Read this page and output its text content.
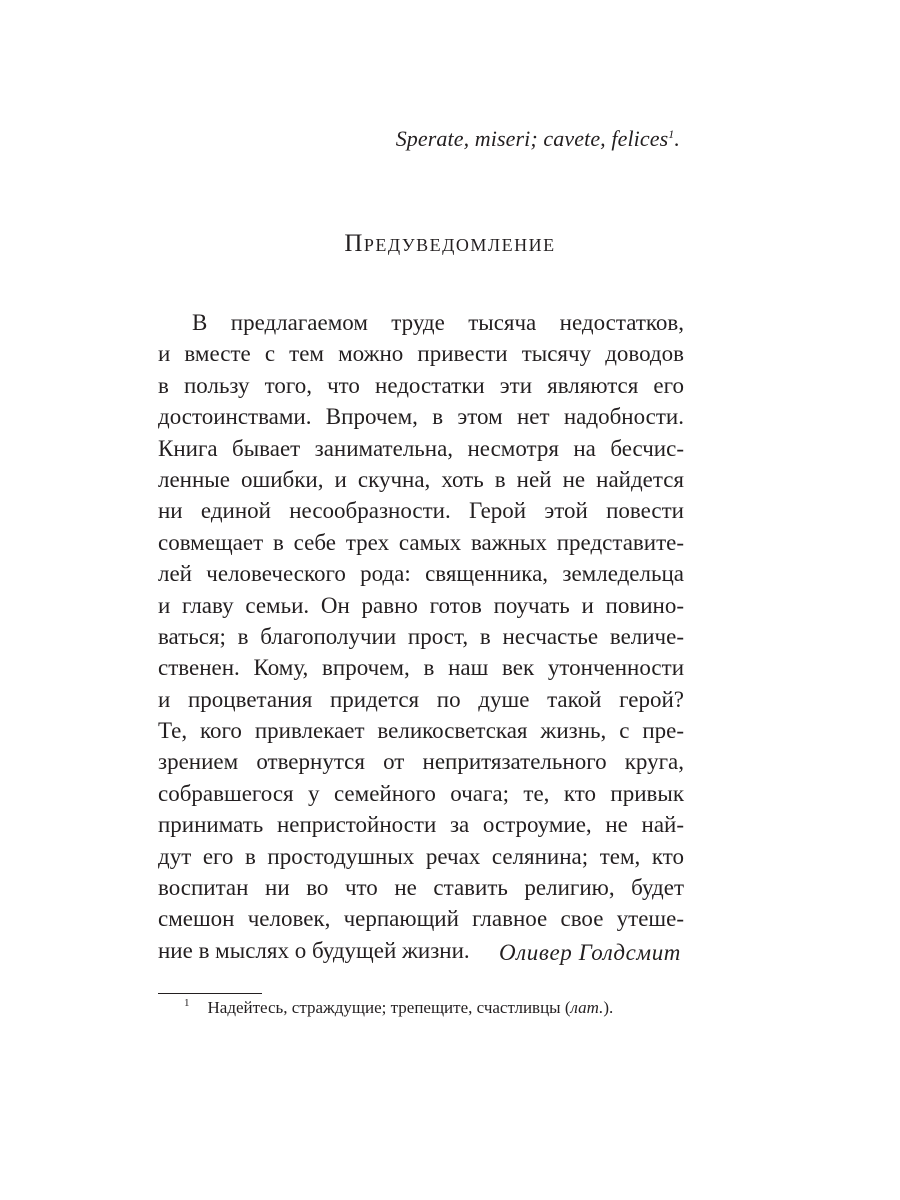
Sperate, miseri; cavete, felices$^1$.
Предуведомление
В предлагаемом труде тысяча недостатков,
и вместе с тем можно привести тысячу доводов
в пользу того, что недостатки эти являются его
достоинствами. Впрочем, в этом нет надобности.
Книга бывает занимательна, несмотря на бесчис-
ленные ошибки, и скучна, хоть в ней не найдется
ни единой несообразности. Герой этой повести
совмещает в себе трех самых важных представите-
лей человеческого рода: священника, земледельца
и главу семьи. Он равно готов поучать и повино-
ваться; в благополучии прост, в несчастье величе-
ственен. Кому, впрочем, в наш век утонченности
и процветания придется по душе такой герой?
Те, кого привлекает великосветская жизнь, с пре-
зрением отвернутся от непритязательного круга,
собравшегося у семейного очага; те, кто привык
принимать непристойности за остроумие, не най-
дут его в простодушных речах селянина; тем, кто
воспитан ни во что не ставить религию, будет
смешон человек, черпающий главное свое утеше-
ние в мыслях о будущей жизни.	Оливер Голдсмит
$^1$ Надейтесь, страждущие; трепещите, счастливцы (лат.).
